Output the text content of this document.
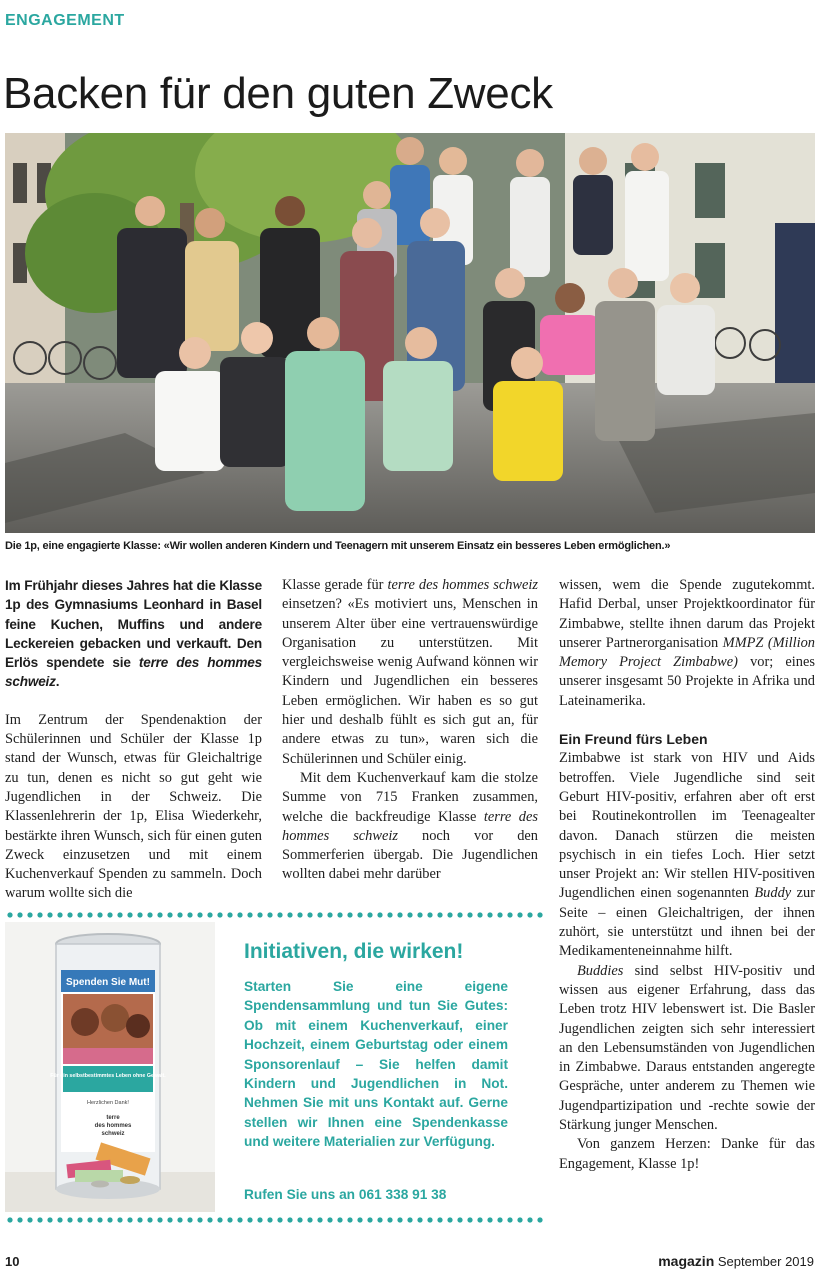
ENGAGEMENT
Backen für den guten Zweck
Die 1p, eine engagierte Klasse: «Wir wollen anderen Kindern und Teenagern mit unserem Einsatz ein besseres Leben ermöglichen.»

Im Frühjahr dieses Jahres hat die Klasse 1p des Gymnasiums Leonhard in Basel feine Kuchen, Muffins und andere Leckereien gebacken und verkauft. Den Erlös spendete sie terre des hommes schweiz.

Im Zentrum der Spendenaktion der Schülerinnen und Schüler der Klasse 1p stand der Wunsch, etwas für Gleichaltrige zu tun, denen es nicht so gut geht wie Jugendlichen in der Schweiz. Die Klassenlehrerin der 1p, Elisa Wiederkehr, bestärkte ihren Wunsch, sich für einen guten Zweck einzusetzen und mit einem Kuchenverkauf Spenden zu sammeln. Doch warum wollte sich die

Klasse gerade für terre des hommes schweiz einsetzen? «Es motiviert uns, Menschen in unserem Alter über eine vertrauenswürdige Organisation zu unterstützen. Mit vergleichsweise wenig Aufwand können wir Kindern und Jugendlichen ein besseres Leben ermöglichen. Wir haben es so gut hier und deshalb fühlt es sich gut an, für andere etwas zu tun», waren sich die Schülerinnen und Schüler einig.

Mit dem Kuchenverkauf kam die stolze Summe von 715 Franken zusammen, welche die backfreudige Klasse terre des hommes schweiz noch vor den Sommerferien übergab. Die Jugendlichen wollten dabei mehr darüber

wissen, wem die Spende zugutekommt. Hafid Derbal, unser Projektkoordinator für Zimbabwe, stellte ihnen darum das Projekt unserer Partnerorganisation MMPZ (Million Memory Project Zimbabwe) vor; eines unserer insgesamt 50 Projekte in Afrika und Lateinamerika.

Ein Freund fürs Leben

Zimbabwe ist stark von HIV und Aids betroffen. Viele Jugendliche sind seit Geburt HIV-positiv, erfahren aber oft erst bei Routinekontrollen im Teenagealter davon. Danach stürzen die meisten psychisch in ein tiefes Loch. Hier setzt unser Projekt an: Wir stellen HIV-positiven Jugendlichen einen sogenannten Buddy zur Seite – einen Gleichaltrigen, der ihnen zuhört, sie unterstützt und ihnen bei der Medikamenteneinnahme hilft.

Buddies sind selbst HIV-positiv und wissen aus eigener Erfahrung, dass das Leben trotz HIV lebenswert ist. Die Basler Jugendlichen zeigten sich sehr interessiert an den Lebensumständen von Jugendlichen in Zimbabwe. Daraus entstanden angeregte Gespräche, unter anderem zu Themen wie Jugendpartizipation und -rechte sowie der Stärkung junger Menschen.

Von ganzem Herzen: Danke für das Engagement, Klasse 1p!

Spenden Sie Mut!
Für ein selbstbestimmtes Leben ohne Gewalt.
Herzlichen Dank!
terre
des hommes
schweiz
Initiativen, die wirken!
Starten Sie eine eigene Spendensammlung und tun Sie Gutes: Ob mit einem Kuchenverkauf, einer Hochzeit, einem Geburtstag oder einem Sponsorenlauf – Sie helfen damit Kindern und Jugendlichen in Not. Nehmen Sie mit uns Kontakt auf. Gerne stellen wir Ihnen eine Spendenkasse und weitere Materialien zur Verfügung.
Rufen Sie uns an 061 338 91 38
10	magazin September 2019
